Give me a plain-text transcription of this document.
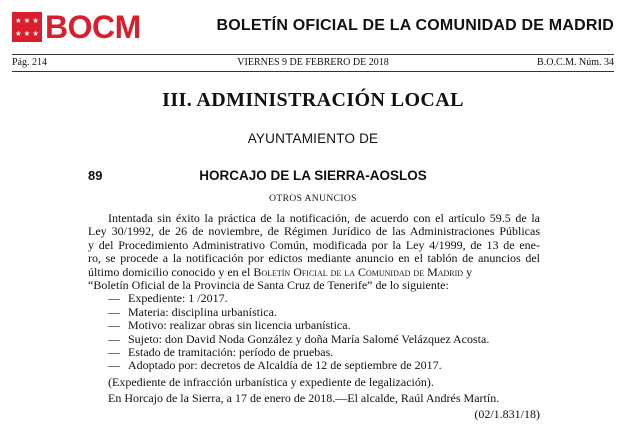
BOCM	BOLETÍN OFICIAL DE LA COMUNIDAD DE MADRID
Pág. 214	VIERNES 9 DE FEBRERO DE 2018	B.O.C.M. Núm. 34
III. ADMINISTRACIÓN LOCAL
AYUNTAMIENTO DE
89	HORCAJO DE LA SIERRA-AOSLOS
OTROS ANUNCIOS
Intentada sin éxito la práctica de la notificación, de acuerdo con el artículo 59.5 de la
Ley 30/1992, de 26 de noviembre, de Régimen Jurídico de las Administraciones Públicas
y del Procedimiento Administrativo Común, modificada por la Ley 4/1999, de 13 de ene-
ro, se procede a la notificación por edictos mediante anuncio en el tablón de anuncios del
último domicilio conocido y en el Boletín Oficial de la Comunidad de Madrid y
“Boletín Oficial de la Provincia de Santa Cruz de Tenerife” de lo siguiente:
— Expediente: 1 /2017.
— Materia: disciplina urbanística.
— Motivo: realizar obras sin licencia urbanística.
— Sujeto: don David Noda González y doña María Salomé Velázquez Acosta.
— Estado de tramitación: período de pruebas.
— Adoptado por: decretos de Alcaldía de 12 de septiembre de 2017.
(Expediente de infracción urbanística y expediente de legalización).
En Horcajo de la Sierra, a 17 de enero de 2018.—El alcalde, Raúl Andrés Martín.
(02/1.831/18)
